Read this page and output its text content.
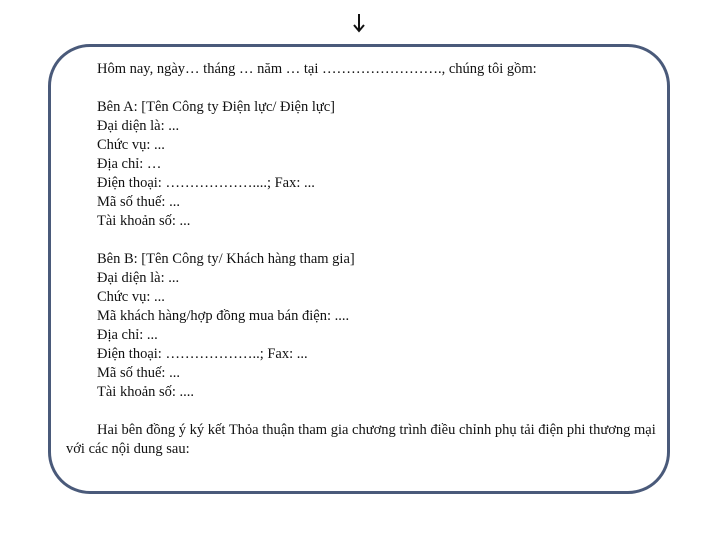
Hôm nay, ngày… tháng … năm … tại ……………………., chúng tôi gồm:
Bên A: [Tên Công ty Điện lực/ Điện lực]
Đại diện là: ...
Chức vụ: ...
Địa chỉ: …
Điện thoại: ………………....; Fax: ...
Mã số thuế: ...
Tài khoản số: ...
Bên B: [Tên Công ty/ Khách hàng tham gia]
Đại diện là: ...
Chức vụ: ...
Mã khách hàng/hợp đồng mua bán điện: ....
Địa chỉ: ...
Điện thoại: ………………..; Fax: ...
Mã số thuế: ...
Tài khoản số: ....
Hai bên đồng ý ký kết Thỏa thuận tham gia chương trình điều chỉnh phụ tải điện phi thương mại với các nội dung sau:
